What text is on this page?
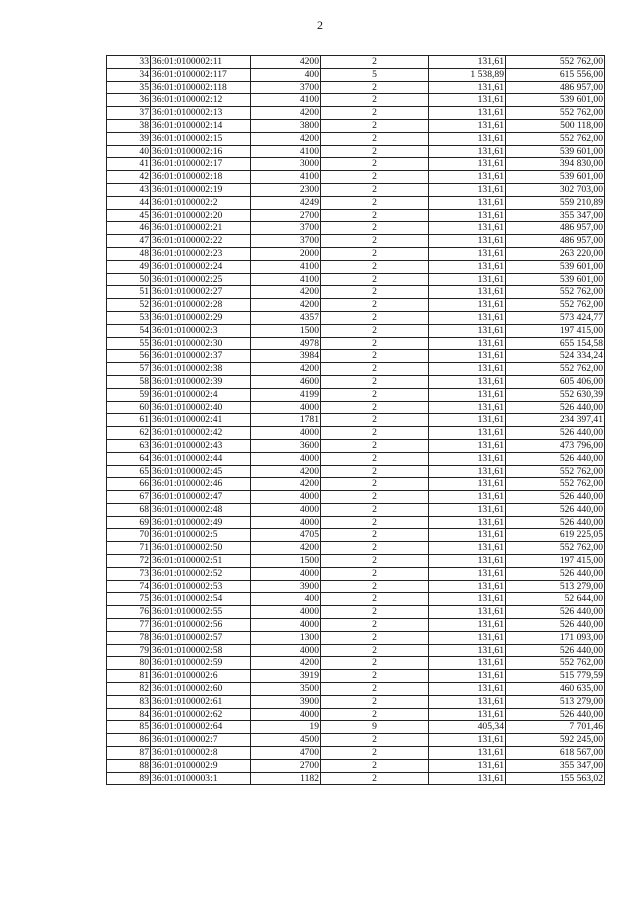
2
33	36:01:0100002:11	4200	2	131,61	552 762,00
34	36:01:0100002:117	400	5	1 538,89	615 556,00
35	36:01:0100002:118	3700	2	131,61	486 957,00
36	36:01:0100002:12	4100	2	131,61	539 601,00
37	36:01:0100002:13	4200	2	131,61	552 762,00
38	36:01:0100002:14	3800	2	131,61	500 118,00
39	36:01:0100002:15	4200	2	131,61	552 762,00
40	36:01:0100002:16	4100	2	131,61	539 601,00
41	36:01:0100002:17	3000	2	131,61	394 830,00
42	36:01:0100002:18	4100	2	131,61	539 601,00
43	36:01:0100002:19	2300	2	131,61	302 703,00
44	36:01:0100002:2	4249	2	131,61	559 210,89
45	36:01:0100002:20	2700	2	131,61	355 347,00
46	36:01:0100002:21	3700	2	131,61	486 957,00
47	36:01:0100002:22	3700	2	131,61	486 957,00
48	36:01:0100002:23	2000	2	131,61	263 220,00
49	36:01:0100002:24	4100	2	131,61	539 601,00
50	36:01:0100002:25	4100	2	131,61	539 601,00
51	36:01:0100002:27	4200	2	131,61	552 762,00
52	36:01:0100002:28	4200	2	131,61	552 762,00
53	36:01:0100002:29	4357	2	131,61	573 424,77
54	36:01:0100002:3	1500	2	131,61	197 415,00
55	36:01:0100002:30	4978	2	131,61	655 154,58
56	36:01:0100002:37	3984	2	131,61	524 334,24
57	36:01:0100002:38	4200	2	131,61	552 762,00
58	36:01:0100002:39	4600	2	131,61	605 406,00
59	36:01:0100002:4	4199	2	131,61	552 630,39
60	36:01:0100002:40	4000	2	131,61	526 440,00
61	36:01:0100002:41	1781	2	131,61	234 397,41
62	36:01:0100002:42	4000	2	131,61	526 440,00
63	36:01:0100002:43	3600	2	131,61	473 796,00
64	36:01:0100002:44	4000	2	131,61	526 440,00
65	36:01:0100002:45	4200	2	131,61	552 762,00
66	36:01:0100002:46	4200	2	131,61	552 762,00
67	36:01:0100002:47	4000	2	131,61	526 440,00
68	36:01:0100002:48	4000	2	131,61	526 440,00
69	36:01:0100002:49	4000	2	131,61	526 440,00
70	36:01:0100002:5	4705	2	131,61	619 225,05
71	36:01:0100002:50	4200	2	131,61	552 762,00
72	36:01:0100002:51	1500	2	131,61	197 415,00
73	36:01:0100002:52	4000	2	131,61	526 440,00
74	36:01:0100002:53	3900	2	131,61	513 279,00
75	36:01:0100002:54	400	2	131,61	52 644,00
76	36:01:0100002:55	4000	2	131,61	526 440,00
77	36:01:0100002:56	4000	2	131,61	526 440,00
78	36:01:0100002:57	1300	2	131,61	171 093,00
79	36:01:0100002:58	4000	2	131,61	526 440,00
80	36:01:0100002:59	4200	2	131,61	552 762,00
81	36:01:0100002:6	3919	2	131,61	515 779,59
82	36:01:0100002:60	3500	2	131,61	460 635,00
83	36:01:0100002:61	3900	2	131,61	513 279,00
84	36:01:0100002:62	4000	2	131,61	526 440,00
85	36:01:0100002:64	19	9	405,34	7 701,46
86	36:01:0100002:7	4500	2	131,61	592 245,00
87	36:01:0100002:8	4700	2	131,61	618 567,00
88	36:01:0100002:9	2700	2	131,61	355 347,00
89	36:01:0100003:1	1182	2	131,61	155 563,02
